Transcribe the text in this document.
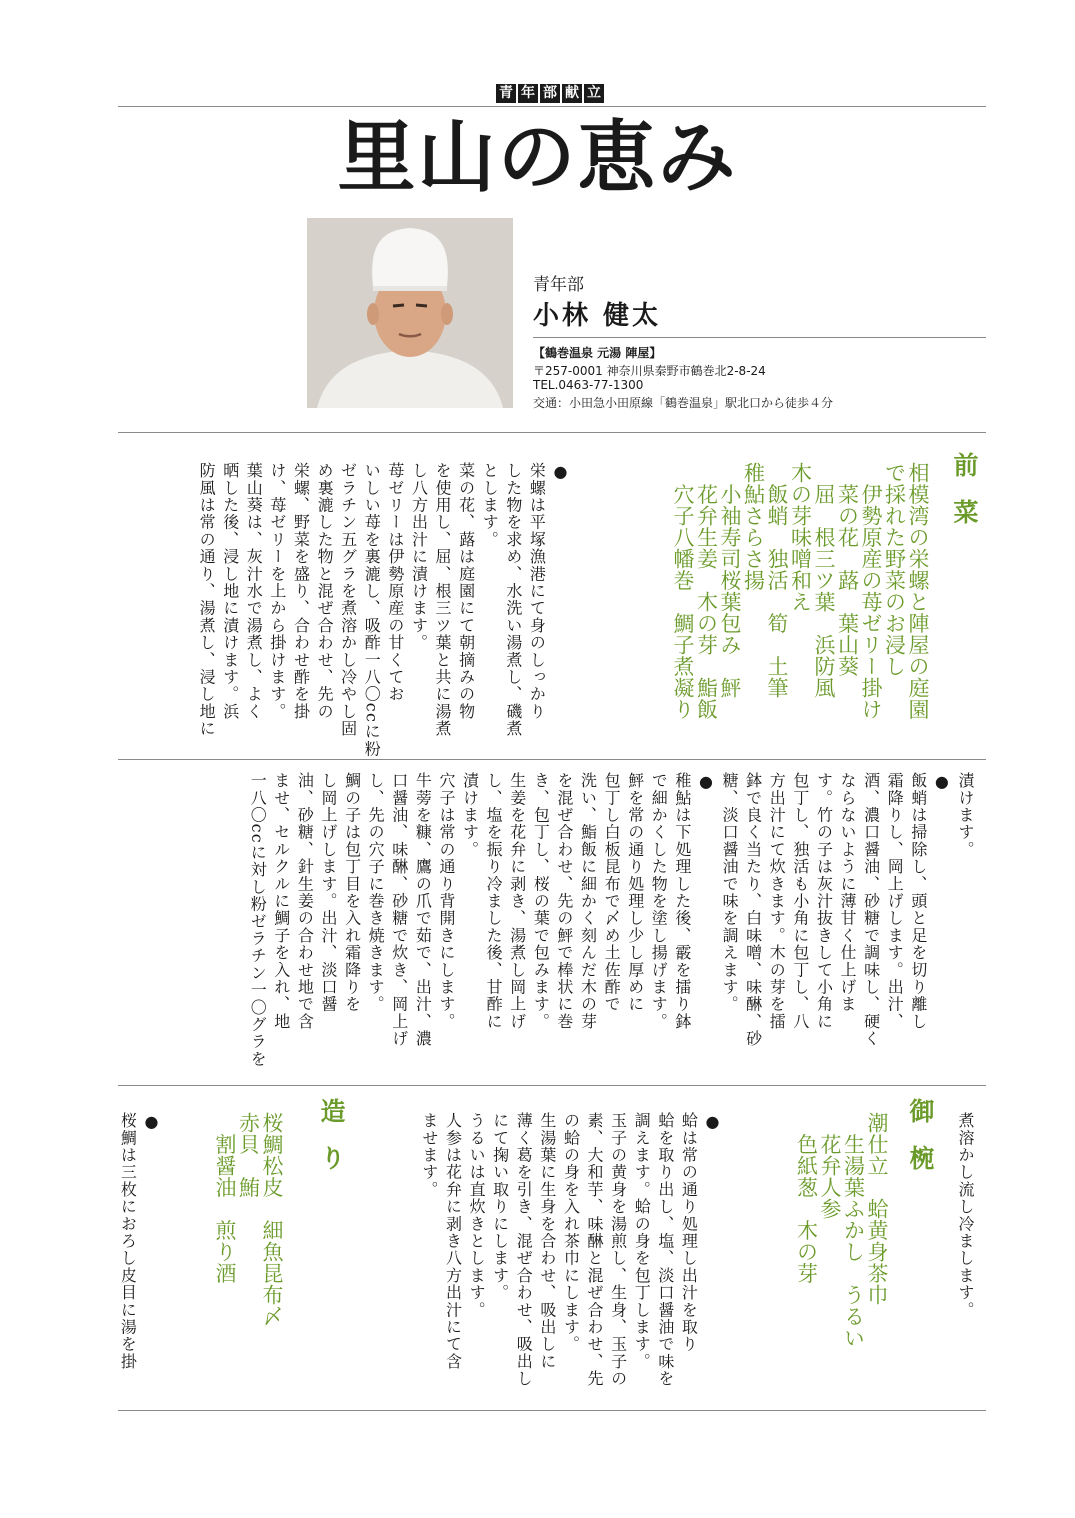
青 年 部 献 立
里山の恵み
青年部
小林 健太
【鶴巻温泉 元湯 陣屋】
〒257-0001 神奈川県秦野市鶴巻北2-8-24
TEL.0463-77-1300
交通：小田急小田原線「鶴巻温泉」駅北口から徒歩４分
前菜
相模湾の栄螺と陣屋の庭園
で採れた野菜のお浸し
　伊勢原産の苺ゼリー掛け
　菜の花　蕗　葉山葵
　屈　根三ツ葉　浜防風
木の芽味噌和え
　飯蛸　独活　筍　土筆
稚鮎さらさ揚
　小袖寿司桜葉包み　鮃
　花弁生姜　木の芽　鮨飯
　穴子八幡巻　鯛子煮凝り
●
栄螺は平塚漁港にて身のしっかり
した物を求め、水洗い湯煮し、磯煮
とします。
菜の花、蕗は庭園にて朝摘みの物
を使用し、屈、根三ツ葉と共に湯煮
し八方出汁に漬けます。
苺ゼリーは伊勢原産の甘くてお
いしい苺を裏漉し、吸酢一八〇ccに粉
ゼラチン五グラを煮溶かし冷やし固
め裏漉した物と混ぜ合わせ、先の
栄螺、野菜を盛り、合わせ酢を掛
け、苺ゼリーを上から掛けます。
葉山葵は、灰汁水で湯煮し、よく
晒した後、浸し地に漬けます。浜
防風は常の通り、湯煮し、浸し地に
漬けます。
●
飯蛸は掃除し、頭と足を切り離し
霜降りし、岡上げします。出汁、
酒、濃口醤油、砂糖で調味し、硬く
ならないように薄甘く仕上げま
す。竹の子は灰汁抜きして小角に
包丁し、独活も小角に包丁し、八
方出汁にて炊きます。木の芽を擂
鉢で良く当たり、白味噌、味醂、砂
糖、淡口醤油で味を調えます。
●
稚鮎は下処理した後、霰を擂り鉢
で細かくした物を塗し揚げます。
鮃を常の通り処理し少し厚めに
包丁し白板昆布で〆め土佐酢で
洗い、鮨飯に細かく刻んだ木の芽
を混ぜ合わせ、先の鮃で棒状に巻
き、包丁し、桜の葉で包みます。
生姜を花弁に剥き、湯煮し岡上げ
し、塩を振り冷ました後、甘酢に
漬けます。
穴子は常の通り背開きにします。
牛蒡を糠、鷹の爪で茹で、出汁、濃
口醤油、味醂、砂糖で炊き、岡上げ
し、先の穴子に巻き焼きます。
鯛の子は包丁目を入れ霜降りを
し岡上げします。出汁、淡口醤
油、砂糖、針生姜の合わせ地で含
ませ、セルクルに鯛子を入れ、地
一八〇ccに対し粉ゼラチン一〇グラを
煮溶かし流し冷まします。
御椀
潮仕立　蛤黄身茶巾
　生湯葉ふかし　うるい
　花弁人参
　色紙葱　木の芽
●
蛤は常の通り処理し出汁を取り
蛤を取り出し、塩、淡口醤油で味を
調えます。蛤の身を包丁します。
玉子の黄身を湯煎し、生身、玉子の
素、大和芋、味醂と混ぜ合わせ、先
の蛤の身を入れ茶巾にします。
生湯葉に生身を合わせ、吸出しに
薄く葛を引き、混ぜ合わせ、吸出し
にて掬い取りにします。
うるいは直炊きとします。
人参は花弁に剥き八方出汁にて含
ませます。
造り
桜鯛松皮　細魚昆布〆
赤貝　鮪
　割醤油　煎り酒
●
桜鯛は三枚におろし皮目に湯を掛
